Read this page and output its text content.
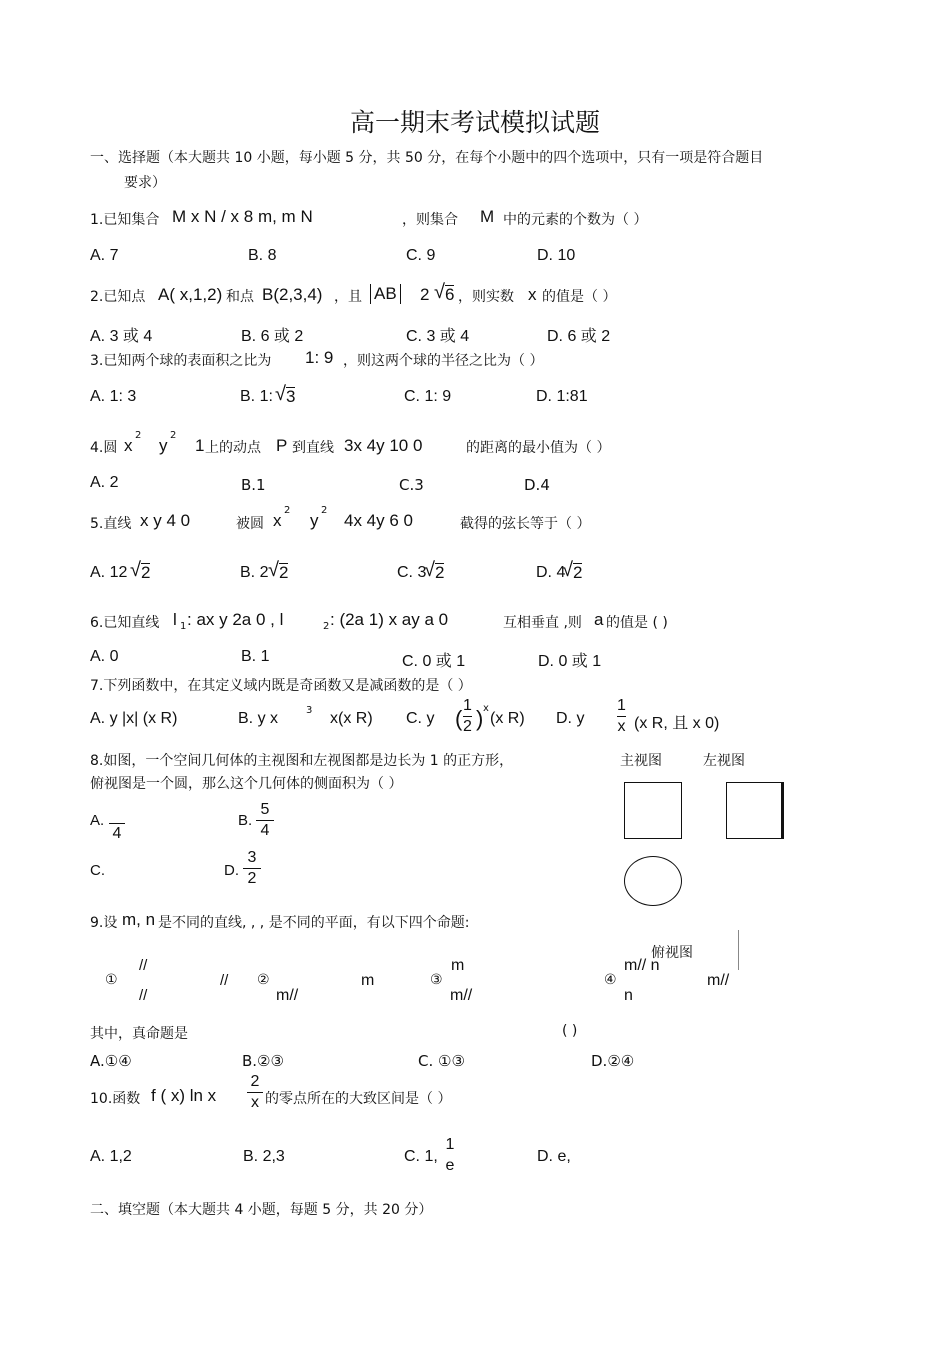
高一期末考试模拟试题
一、选择题（本大题共 10 小题，每小题 5 分，共 50 分，在每个小题中的四个选项中，只有一项是符合题目
要求）
1.已知集合 M x N / x 8 m, m N	，则集合 M 中的元素的个数为（ ）
A. 7	B. 8	C. 9	D. 10
2.已知点 A( x,1,2) 和点 B(2,3,4) ，且 AB 2 √ 6 ，则实数 x 的值是（ ）
A. 3 或 4	B. 6 或 2	C. 3 或 4	D. 6 或 2
3.已知两个球的表面积之比为 1: 9 ，则这两个球的半径之比为（ ）
A. 1: 3	B. 1: √ 3	C. 1: 9	D. 1:81
4.圆 x
2
y
2
1 上的动点 P 到直线 3x 4y 10 0	的距离的最小值为（ ）
A. 2	B.1	C.3	D.4
5.直线 x y 4 0	被圆 x
2
y
2
4x 4y 6 0	截得的弦长等于（ ）
A. 12 √ 2	B. 2 √ 2	C. 3
√ 2	D. 4
√ 2
6.已知直线 l 1 : ax y 2a 0 , l	2 : (2a 1) x ay a 0	互相垂直 ,则 a 的值是 ( )
A. 0	B. 1	C. 0 或 1	D. 0 或 1
7.下列函数中，在其定义域内既是奇函数又是减函数的是（ ）
A. y |x| (x R)	B. y x	3 x(x R) C. y (
1
2 ) x
(x R) D. y
1
x (x R, 且 x 0)
8.如图，一个空间几何体的主视图和左视图都是边长为 1 的正方形，	主视图	左视图
俯视图是一个圆，那么这个几何体的侧面积为（ ）
A.
4
B.
5
4
C.	D.
3
2
9.设 m, n 是不同的直线, , , 是不同的平面，有以下四个命题:
俯视图
①
//
//
// ②
m//
m	③
m
m//
④
m// n
n
m//
其中，真命题是	( )
A.①④	B.②③	C. ①③	D.②④
10.函数 f ( x) ln x
2
x 的零点所在的大致区间是（ ）
A. 1,2	B. 2,3	C. 1,
1
e
D. e,
二、填空题（本大题共 4 小题，每题 5 分，共 20 分）
